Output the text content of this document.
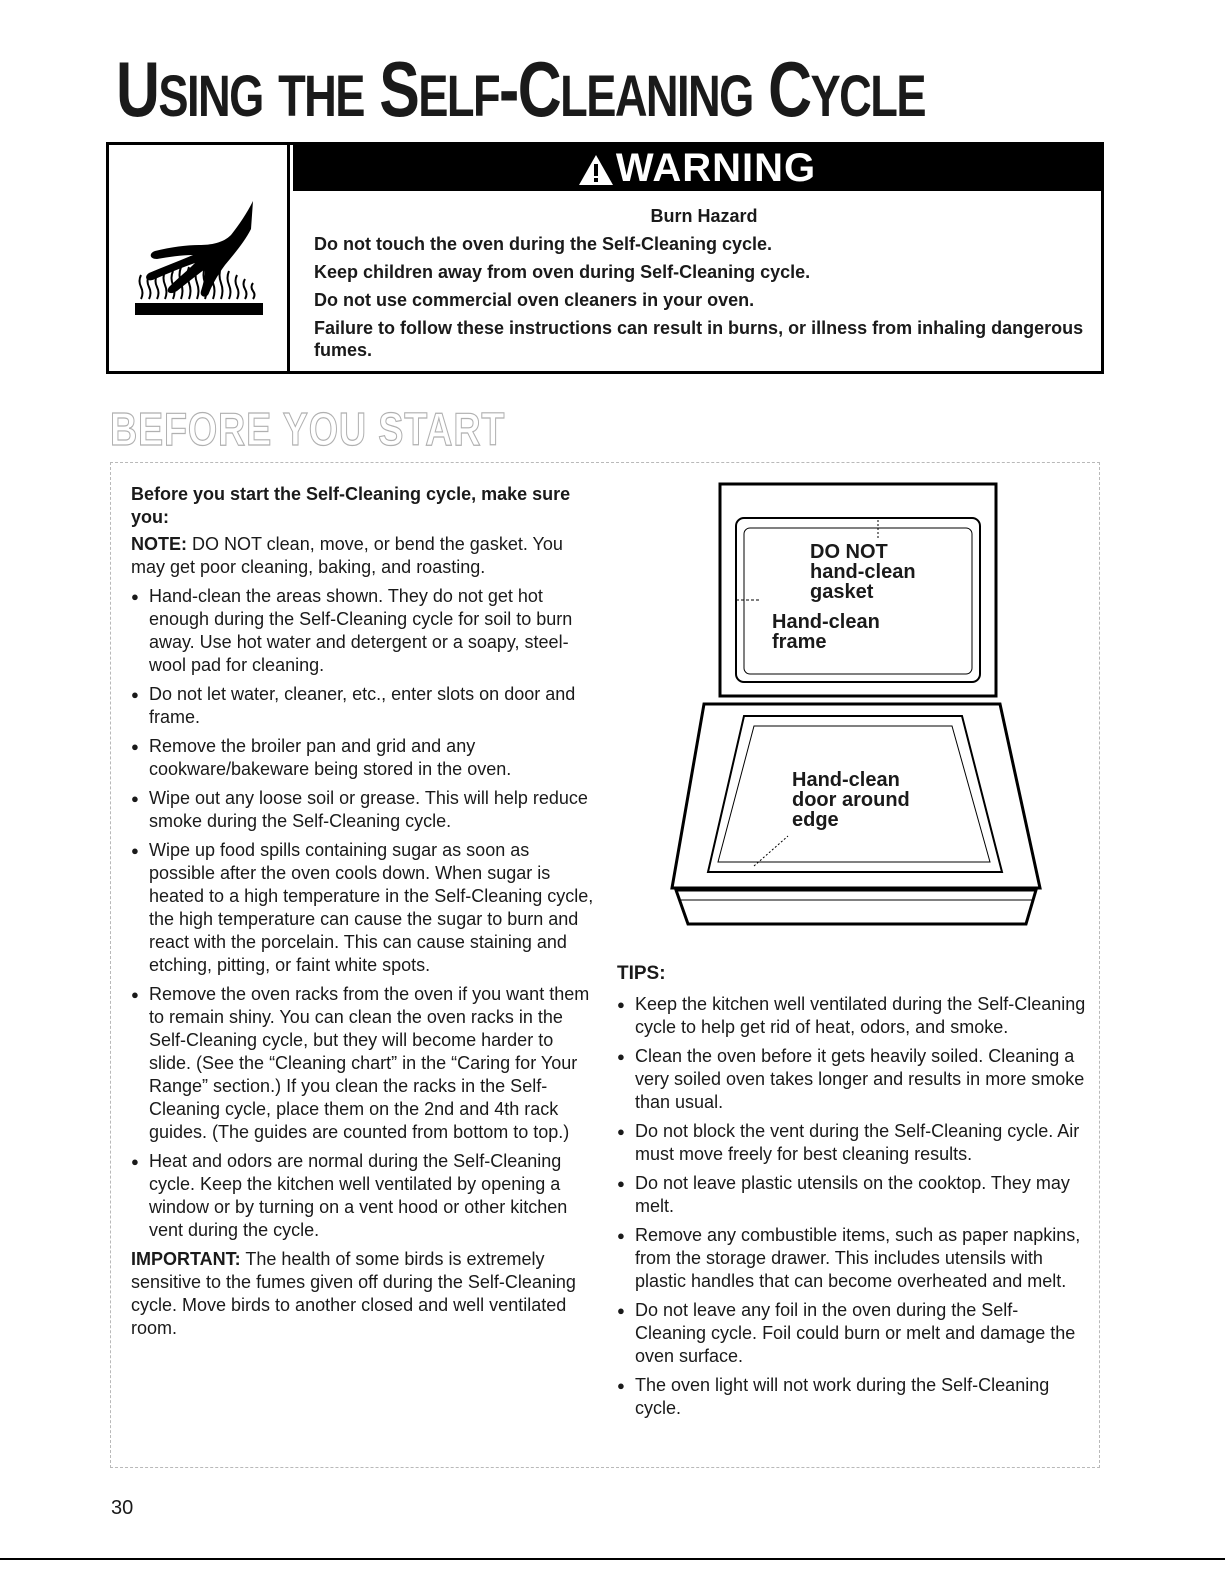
USING THE SELF-CLEANING CYCLE
WARNING

Burn Hazard

Do not touch the oven during the Self-Cleaning cycle.

Keep children away from oven during Self-Cleaning cycle.

Do not use commercial oven cleaners in your oven.

Failure to follow these instructions can result in burns, or illness from inhaling dangerous fumes.

BEFORE YOU START

Before you start the Self-Cleaning cycle, make sure you:

NOTE: DO NOT clean, move, or bend the gasket. You may get poor cleaning, baking, and roasting.

● Hand-clean the areas shown. They do not get hot enough during the Self-Cleaning cycle for soil to burn away. Use hot water and detergent or a soapy, steel-wool pad for cleaning.
● Do not let water, cleaner, etc., enter slots on door and frame.
● Remove the broiler pan and grid and any cookware/bakeware being stored in the oven.
● Wipe out any loose soil or grease. This will help reduce smoke during the Self-Cleaning cycle.
● Wipe up food spills containing sugar as soon as possible after the oven cools down. When sugar is heated to a high temperature in the Self-Cleaning cycle, the high temperature can cause the sugar to burn and react with the porcelain. This can cause staining and etching, pitting, or faint white spots.
● Remove the oven racks from the oven if you want them to remain shiny. You can clean the oven racks in the Self-Cleaning cycle, but they will become harder to slide. (See the “Cleaning chart” in the “Caring for Your Range” section.) If you clean the racks in the Self-Cleaning cycle, place them on the 2nd and 4th rack guides. (The guides are counted from bottom to top.)
● Heat and odors are normal during the Self-Cleaning cycle. Keep the kitchen well ventilated by opening a window or by turning on a vent hood or other kitchen vent during the cycle.

IMPORTANT: The health of some birds is extremely sensitive to the fumes given off during the Self-Cleaning cycle. Move birds to another closed and well ventilated room.

DO NOT
hand-clean
gasket
Hand-clean
frame
Hand-clean
door around
edge

TIPS:

● Keep the kitchen well ventilated during the Self-Cleaning cycle to help get rid of heat, odors, and smoke.
● Clean the oven before it gets heavily soiled. Cleaning a very soiled oven takes longer and results in more smoke than usual.
● Do not block the vent during the Self-Cleaning cycle. Air must move freely for best cleaning results.
● Do not leave plastic utensils on the cooktop. They may melt.
● Remove any combustible items, such as paper napkins, from the storage drawer. This includes utensils with plastic handles that can become overheated and melt.
● Do not leave any foil in the oven during the Self-Cleaning cycle. Foil could burn or melt and damage the oven surface.
● The oven light will not work during the Self-Cleaning cycle.
30
